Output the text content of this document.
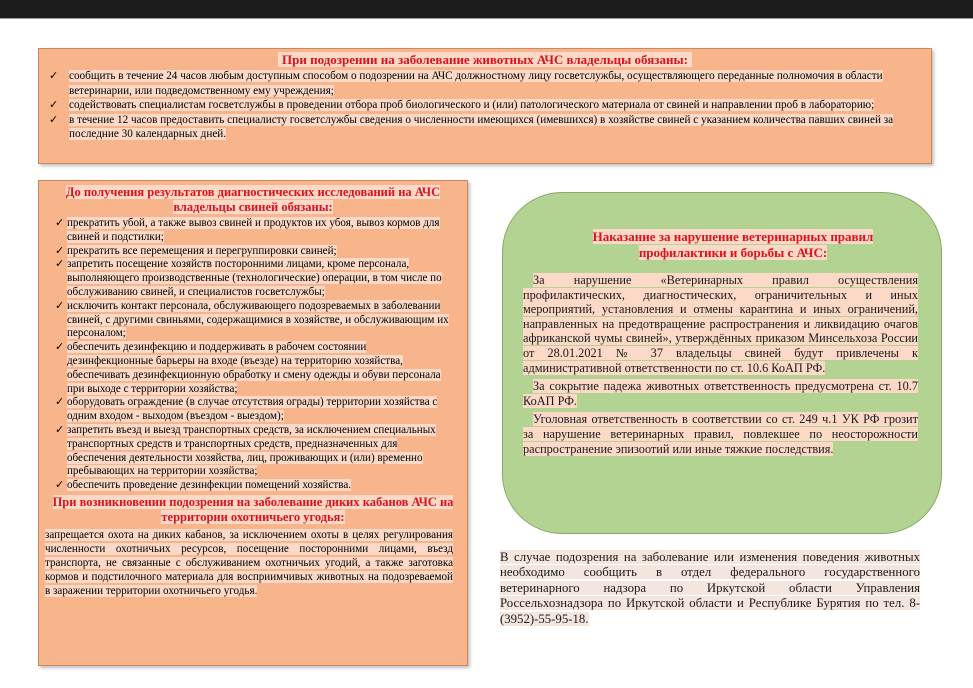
При подозрении на заболевание животных АЧС владельцы обязаны:
✓ сообщить в течение 24 часов любым доступным способом о подозрении на АЧС должностному лицу госветслужбы, осуществляющего переданные полномочия в области ветеринарии, или подведомственному ему учреждения;
✓ содействовать специалистам госветслужбы в проведении отбора проб биологического и (или) патологического материала от свиней и направлении проб в лабораторию;
✓ в течение 12 часов предоставить специалисту госветслужбы сведения о численности имеющихся (имевшихся) в хозяйстве свиней с указанием количества павших свиней за последние 30 календарных дней.
До получения результатов диагностических исследований на АЧС владельцы свиней обязаны:
✓ прекратить убой, а также вывоз свиней и продуктов их убоя, вывоз кормов для свиней и подстилки;
✓ прекратить все перемещения и перегруппировки свиней;
✓ запретить посещение хозяйств посторонними лицами, кроме персонала, выполняющего производственные (технологические) операции, в том числе по обслуживанию свиней, и специалистов госветслужбы;
✓ исключить контакт персонала, обслуживающего подозреваемых в заболевании свиней, с другими свиньями, содержащимися в хозяйстве, и обслуживающим их персоналом;
✓ обеспечить дезинфекцию и поддерживать в рабочем состоянии дезинфекционные барьеры на входе (въезде) на территорию хозяйства, обеспечивать дезинфекционную обработку и смену одежды и обуви персонала при выходе с территории хозяйства;
✓ оборудовать ограждение (в случае отсутствия ограды) территории хозяйства с одним входом - выходом (въездом - выездом);
✓ запретить въезд и выезд транспортных средств, за исключением специальных транспортных средств и транспортных средств, предназначенных для обеспечения деятельности хозяйства, лиц, проживающих и (или) временно пребывающих на территории хозяйства;
✓ обеспечить проведение дезинфекции помещений хозяйства.
При возникновении подозрения на заболевание диких кабанов АЧС на территории охотничьего угодья:
запрещается охота на диких кабанов, за исключением охоты в целях регулирования численности охотничьих ресурсов, посещение посторонними лицами, въезд транспорта, не связанные с обслуживанием охотничьих угодий, а также заготовка кормов и подстилочного материала для восприимчивых животных на подозреваемой в заражении территории охотничьего угодья.
Наказание за нарушение ветеринарных правил профилактики и борьбы с АЧС:

За нарушение «Ветеринарных правил осуществления профилактических, диагностических, ограничительных и иных мероприятий, установления и отмены карантина и иных ограничений, направленных на предотвращение распространения и ликвидацию очагов африканской чумы свиней», утверждённых приказом Минсельхоза России от 28.01.2021 № 37 владельцы свиней будут привлечены к административной ответственности по ст. 10.6 КоАП РФ.

За сокрытие падежа животных ответственность предусмотрена ст. 10.7 КоАП РФ.

Уголовная ответственность в соответствии со ст. 249 ч.1 УК РФ грозит за нарушение ветеринарных правил, повлекшее по неосторожности распространение эпизоотий или иные тяжкие последствия.

В случае подозрения на заболевание или изменения поведения животных необходимо сообщить в отдел федерального государственного ветеринарного надзора по Иркутской области Управления Россельхознадзора по Иркутской области и Республике Бурятия по тел. 8-(3952)-55-95-18.
